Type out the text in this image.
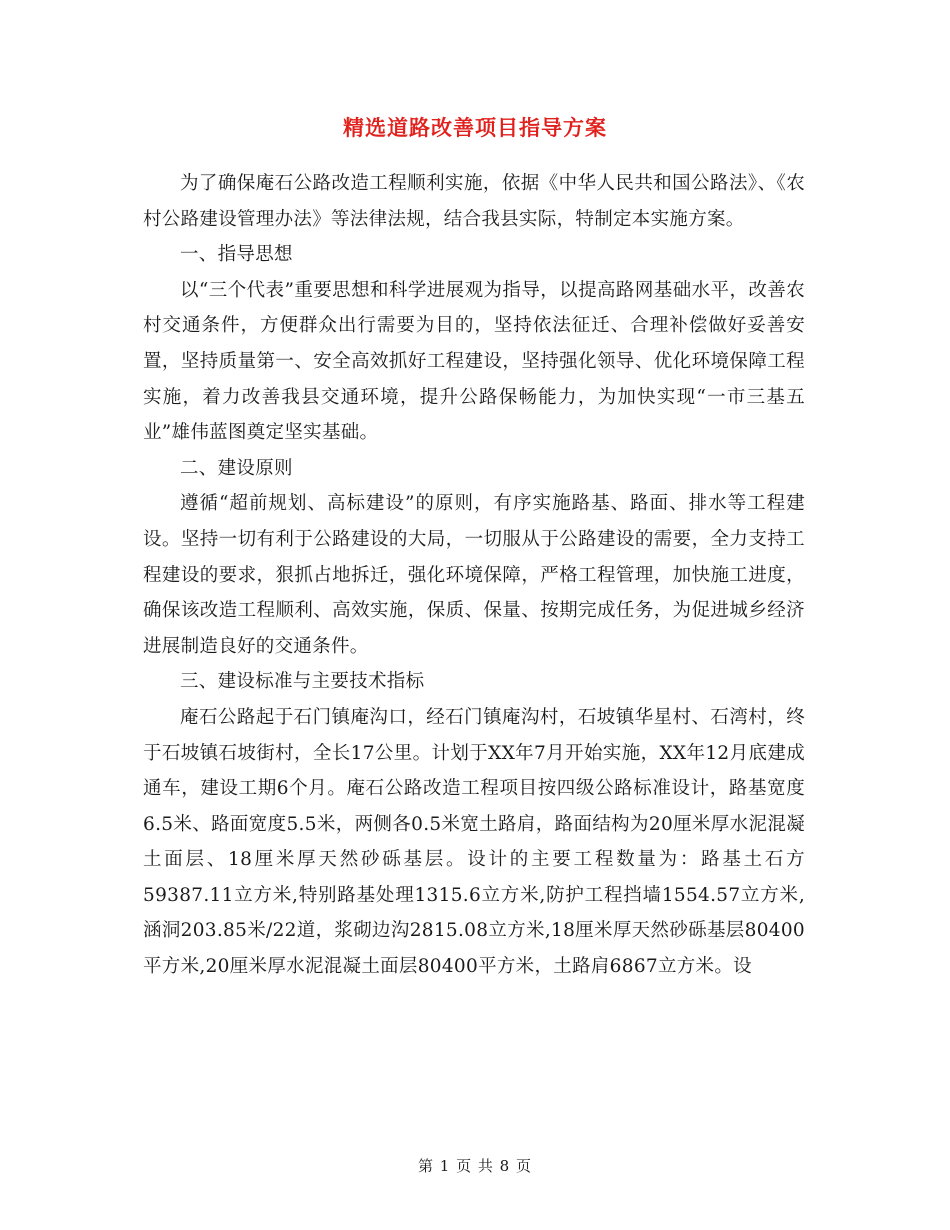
精选道路改善项目指导方案

为了确保庵石公路改造工程顺利实施，依据《中华人民共和国公路法》、《农村公路建设管理办法》等法律法规，结合我县实际，特制定本实施方案。

一、指导思想

以“三个代表”重要思想和科学进展观为指导，以提高路网基础水平，改善农村交通条件，方便群众出行需要为目的，坚持依法征迁、合理补偿做好妥善安置，坚持质量第一、安全高效抓好工程建设，坚持强化领导、优化环境保障工程实施，着力改善我县交通环境，提升公路保畅能力，为加快实现“一市三基五业”雄伟蓝图奠定坚实基础。

二、建设原则

遵循“超前规划、高标建设”的原则，有序实施路基、路面、排水等工程建设。坚持一切有利于公路建设的大局，一切服从于公路建设的需要，全力支持工程建设的要求，狠抓占地拆迁，强化环境保障，严格工程管理，加快施工进度，确保该改造工程顺利、高效实施，保质、保量、按期完成任务，为促进城乡经济进展制造良好的交通条件。

三、建设标准与主要技术指标

庵石公路起于石门镇庵沟口，经石门镇庵沟村，石坡镇华星村、石湾村，终于石坡镇石坡街村，全长17公里。计划于XX年7月开始实施，XX年12月底建成通车，建设工期6个月。庵石公路改造工程项目按四级公路标准设计，路基宽度6.5米、路面宽度5.5米，两侧各0.5米宽土路肩，路面结构为20厘米厚水泥混凝土面层、18厘米厚天然砂砾基层。设计的主要工程数量为：路基土石方59387.11立方米,特别路基处理1315.6立方米,防护工程挡墙1554.57立方米,涵洞203.85米/22道，浆砌边沟2815.08立方米,18厘米厚天然砂砾基层80400平方米,20厘米厚水泥混凝土面层80400平方米，土路肩6867立方米。设

第 1 页 共 8 页
